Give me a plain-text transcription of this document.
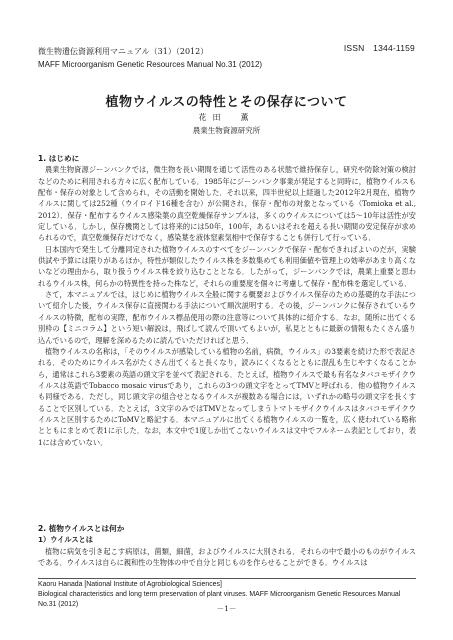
ISSN　1344-1159
微生物遺伝資源利用マニュアル（31）（2012）
MAFF Microorganism Genetic Resources Manual No.31 (2012)
植物ウイルスの特性とその保存について
花田　薫
農業生物資源研究所
1. はじめに

農業生物資源ジーンバンクでは，微生物を長い期間を通じて活性のある状態で維持保存し，研究や防除対策の検討などのために利用される方々に広く配布している．1985年にジーンバンク事業が発足すると同時に，植物ウイルスも配布・保存の対象として含められ，その活動を開始した．それ以来，四半世紀以上経過した2012年2月現在，植物ウイルスに関しては252種（ウイロイド16種を含む）が公開され，保存・配布の対象となっている（Tomioka et al., 2012）．保存・配布するウイルス感染葉の真空乾燥保存サンプルは，多くのウイルスについては5〜10年は活性が安定している．しかし，保存機関としては将来的には50年，100年，あるいはそれを超える長い期間の安定保存が求められるので，真空乾燥保存だけでなく，感染葉を液体窒素気相中で保存することも併行して行っている．

日本国内で発生して分離同定された植物ウイルスのすべてをジーンバンクで保存・配布できればよいのだが，実験供試や予算には限りがあるほか，特性が類似したウイルス株を多数集めても利用価値や管理上の効率があまり高くないなどの理由から，取り扱うウイルス株を絞り込むこととなる．したがって，ジーンバンクでは，農業上重要と思われるウイルス株，何らかの特異性を持った株など，それらの重要度を個々に考慮して保存・配布株を選定している．

さて，本マニュアルでは，はじめに植物ウイルス全般に関する概要およびウイルス保存のための基礎的な手法について紹介した後，ウイルス保存に直接関わる手法について順次説明する．その後，ジーンバンクに保存されているウイルスの特徴，配布の実際，配布ウイルス標品使用の際の注意等について具体的に紹介する．なお，随所に出てくる別枠の【ミニコラム】という短い解説は，飛ばして読んで頂いてもよいが，私見とともに最新の情報もたくさん盛り込んでいるので，理解を深めるために読んでいただければと思う．

植物ウイルスの名称は，「そのウイルスが感染している植物の名前，病徴，ウイルス」の3要素を続けた形で表記される．そのためにウイルス名がたくさん出てくると長くなり，読みにくくなるとともに混乱も生じやすくなることから，通常はこれら3要素の英語の頭文字を並べて表記される．たとえば，植物ウイルスで最も有名なタバコモザイクウイルスは英語でTobacco mosaic virusであり，これらの3つの頭文字をとってTMVと呼ばれる．他の植物ウイルスも同様である．ただし，同じ頭文字の組合せとなるウイルスが複数ある場合には，いずれかの略号の頭文字を長くすることで区別している．たとえば，3文字のみではTMVとなってしまうトマトモザイクウイルスはタバコモザイクウイルスと区別するためにToMVと略記する．本マニュアルに出てくる植物ウイルスの一覧を，広く使われている略称とともにまとめて表1に示した．なお，本文中で1度しか出てこないウイルスは文中でフルネーム表記としており，表1には含めていない．

2. 植物ウイルスとは何か
1）ウイルスとは

植物に病気を引き起こす病原は，菌類，細菌，およびウイルスに大別される．それらの中で最小のものがウイルスである．ウイルスは自らに親和性の生物体の中で自分と同じものを作らせることができる．ウイルスは

Kaoru Hanada [National Institute of Agrobiological Sciences]
Biological characteristics and long term preservation of plant viruses. MAFF Microorganism Genetic Resources Manual No.31 (2012)	－1－
